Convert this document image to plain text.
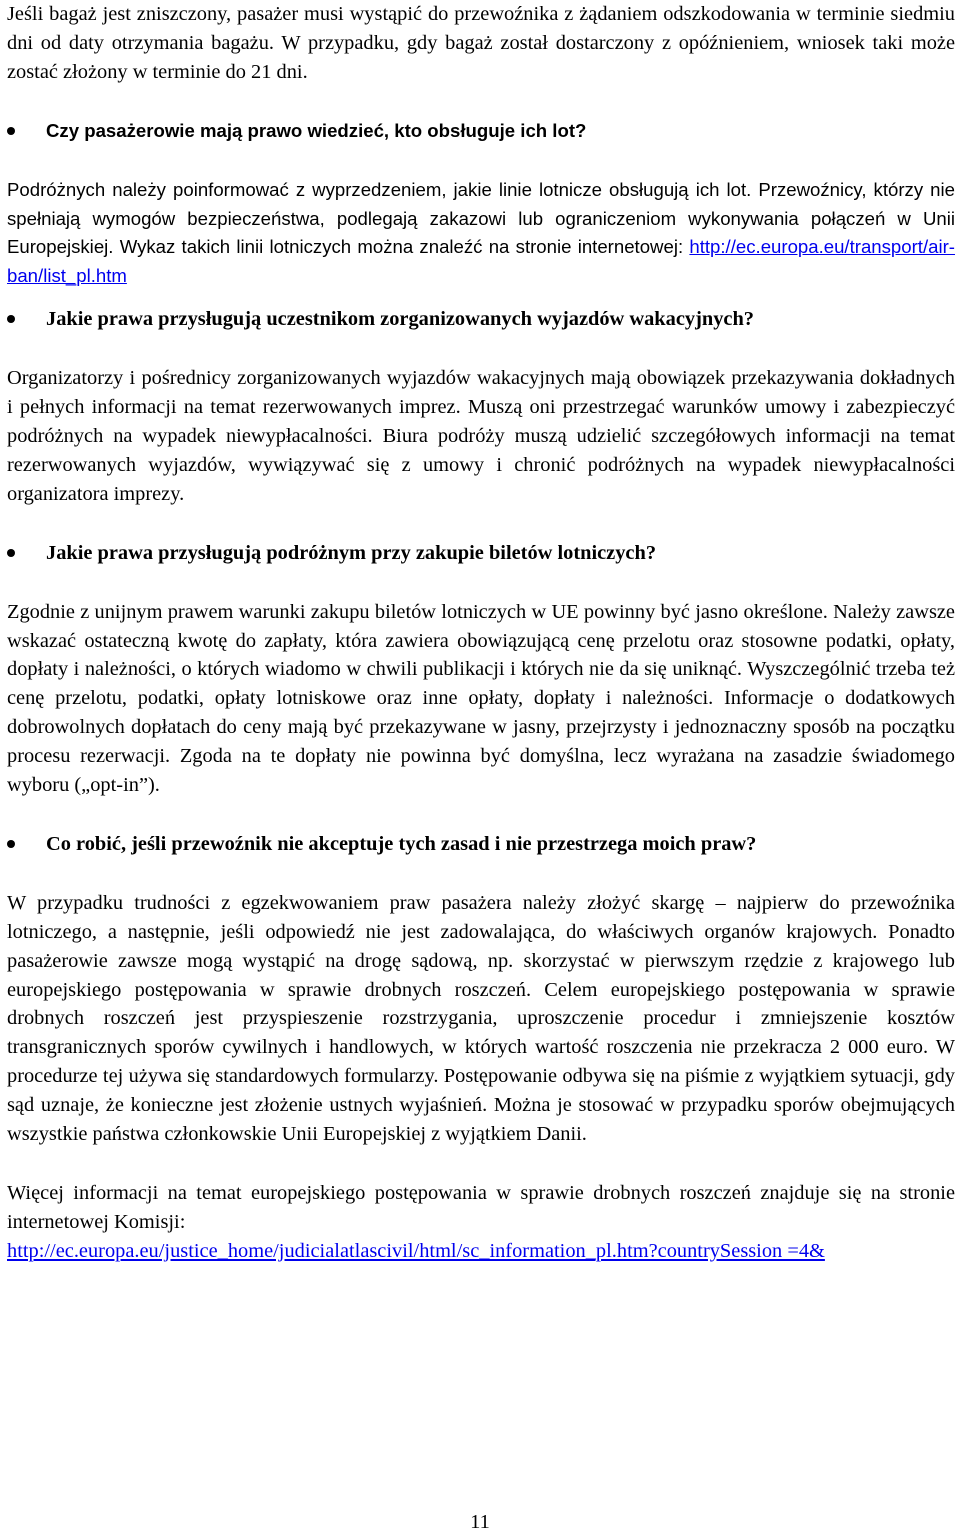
Jeśli bagaż jest zniszczony, pasażer musi wystąpić do przewoźnika z żądaniem odszkodowania w terminie siedmiu dni od daty otrzymania bagażu. W przypadku, gdy bagaż został dostarczony z opóźnieniem, wniosek taki może zostać złożony w terminie do 21 dni.

Czy pasażerowie mają prawo wiedzieć, kto obsługuje ich lot?

Podróżnych należy poinformować z wyprzedzeniem, jakie linie lotnicze obsługują ich lot. Przewoźnicy, którzy nie spełniają wymogów bezpieczeństwa, podlegają zakazowi lub ograniczeniom wykonywania połączeń w Unii Europejskiej. Wykaz takich linii lotniczych można znaleźć na stronie internetowej: http://ec.europa.eu/transport/air-ban/list_pl.htm

Jakie prawa przysługują uczestnikom zorganizowanych wyjazdów wakacyjnych?

Organizatorzy i pośrednicy zorganizowanych wyjazdów wakacyjnych mają obowiązek przekazywania dokładnych i pełnych informacji na temat rezerwowanych imprez. Muszą oni przestrzegać warunków umowy i zabezpieczyć podróżnych na wypadek niewypłacalności. Biura podróży muszą udzielić szczegółowych informacji na temat rezerwowanych wyjazdów, wywiązywać się z umowy i chronić podróżnych na wypadek niewypłacalności organizatora imprezy.

Jakie prawa przysługują podróżnym przy zakupie biletów lotniczych?

Zgodnie z unijnym prawem warunki zakupu biletów lotniczych w UE powinny być jasno określone. Należy zawsze wskazać ostateczną kwotę do zapłaty, która zawiera obowiązującą cenę przelotu oraz stosowne podatki, opłaty, dopłaty i należności, o których wiadomo w chwili publikacji i których nie da się uniknąć. Wyszczególnić trzeba też cenę przelotu, podatki, opłaty lotniskowe oraz inne opłaty, dopłaty i należności. Informacje o dodatkowych dobrowolnych dopłatach do ceny mają być przekazywane w jasny, przejrzysty i jednoznaczny sposób na początku procesu rezerwacji. Zgoda na te dopłaty nie powinna być domyślna, lecz wyrażana na zasadzie świadomego wyboru („opt-in”).

Co robić, jeśli przewoźnik nie akceptuje tych zasad i nie przestrzega moich praw?

W przypadku trudności z egzekwowaniem praw pasażera należy złożyć skargę – najpierw do przewoźnika lotniczego, a następnie, jeśli odpowiedź nie jest zadowalająca, do właściwych organów krajowych. Ponadto pasażerowie zawsze mogą wystąpić na drogę sądową, np. skorzystać w pierwszym rzędzie z krajowego lub europejskiego postępowania w sprawie drobnych roszczeń. Celem europejskiego postępowania w sprawie drobnych roszczeń jest przyspieszenie rozstrzygania, uproszczenie procedur i zmniejszenie kosztów transgranicznych sporów cywilnych i handlowych, w których wartość roszczenia nie przekracza 2 000 euro. W procedurze tej używa się standardowych formularzy. Postępowanie odbywa się na piśmie z wyjątkiem sytuacji, gdy sąd uznaje, że konieczne jest złożenie ustnych wyjaśnień. Można je stosować w przypadku sporów obejmujących wszystkie państwa członkowskie Unii Europejskiej z wyjątkiem Danii.

Więcej informacji na temat europejskiego postępowania w sprawie drobnych roszczeń znajduje się na stronie internetowej Komisji:
http://ec.europa.eu/justice_home/judicialatlascivil/html/sc_information_pl.htm?countrySession =4&

11
